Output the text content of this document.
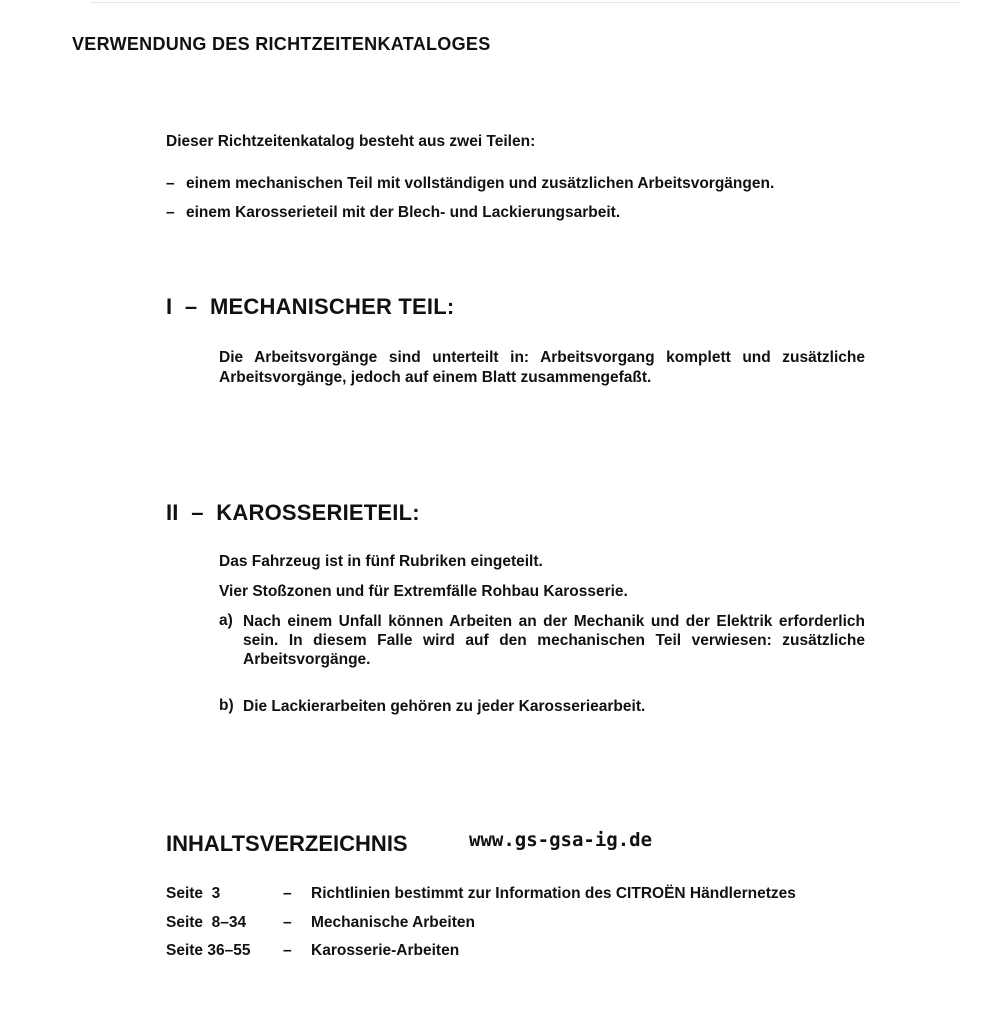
VERWENDUNG DES RICHTZEITENKATALOGES
Dieser Richtzeitenkatalog besteht aus zwei Teilen:
– einem mechanischen Teil mit vollständigen und zusätzlichen Arbeitsvorgängen.
– einem Karosserieteil mit der Blech- und Lackierungsarbeit.
I  –  MECHANISCHER TEIL:
Die Arbeitsvorgänge sind unterteilt in: Arbeitsvorgang komplett und zusätzliche Arbeitsvorgänge, jedoch auf einem Blatt zusammengefaßt.
II  –  KAROSSERIETEIL:
Das Fahrzeug ist in fünf Rubriken eingeteilt.
Vier Stoßzonen und für Extremfälle Rohbau Karosserie.
a) Nach einem Unfall können Arbeiten an der Mechanik und der Elektrik erforderlich sein. In diesem Falle wird auf den mechanischen Teil verwiesen: zusätzliche Arbeitsvorgänge.
b) Die Lackierarbeiten gehören zu jeder Karosseriearbeit.
INHALTSVERZEICHNIS	www.gs-gsa-ig.de
Seite  3	– Richtlinien bestimmt zur Information des CITROËN Händlernetzes
Seite  8–34 – Mechanische Arbeiten
Seite 36–55 – Karosserie-Arbeiten
